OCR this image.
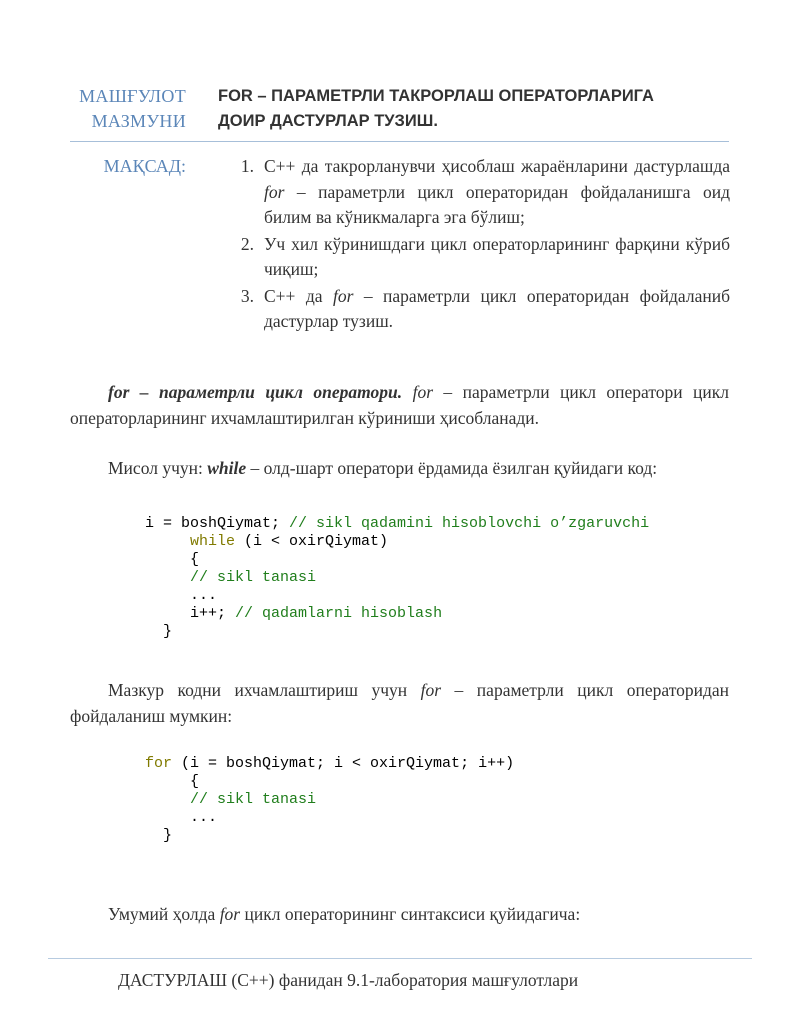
МАШҒУЛОТ
МАЗМУНИ
FOR – ПАРАМЕТРЛИ ТАКРОРЛАШ ОПЕРАТОРЛАРИГА
ДОИР ДАСТУРЛАР ТУЗИШ.
МАҚСАД:	1. С++ да такрорланувчи ҳисоблаш жараёнларини дастурлашда for – параметрли цикл операторидан фойдаланишга оид билим ва кўникмаларга эга бўлиш;
2. Уч хил кўринишдаги цикл операторларининг фарқини кўриб чиқиш;
3. С++ да for – параметрли цикл операторидан фойдаланиб дастурлар тузиш.

for – параметрли цикл оператори. for – параметрли цикл оператори цикл операторларининг ихчамлаштирилган кўриниши ҳисобланади.

Мисол учун: while – олд-шарт оператори ёрдамида ёзилган қуйидаги код:

i = boshQiymat; // sikl qadamini hisoblovchi o’zgaruvchi
while (i < oxirQiymat)
{
// sikl tanasi
...
i++; // qadamlarni hisoblash
}

Мазкур кодни ихчамлаштириш учун for – параметрли цикл операторидан фойдаланиш мумкин:

for (i = boshQiymat; i < oxirQiymat; i++)
{
// sikl tanasi
...
}

Умумий ҳолда for цикл операторининг синтаксиси қуйидагича:

ДАСТУРЛАШ (С++) фанидан 9.1-лаборатория машғулотлари
